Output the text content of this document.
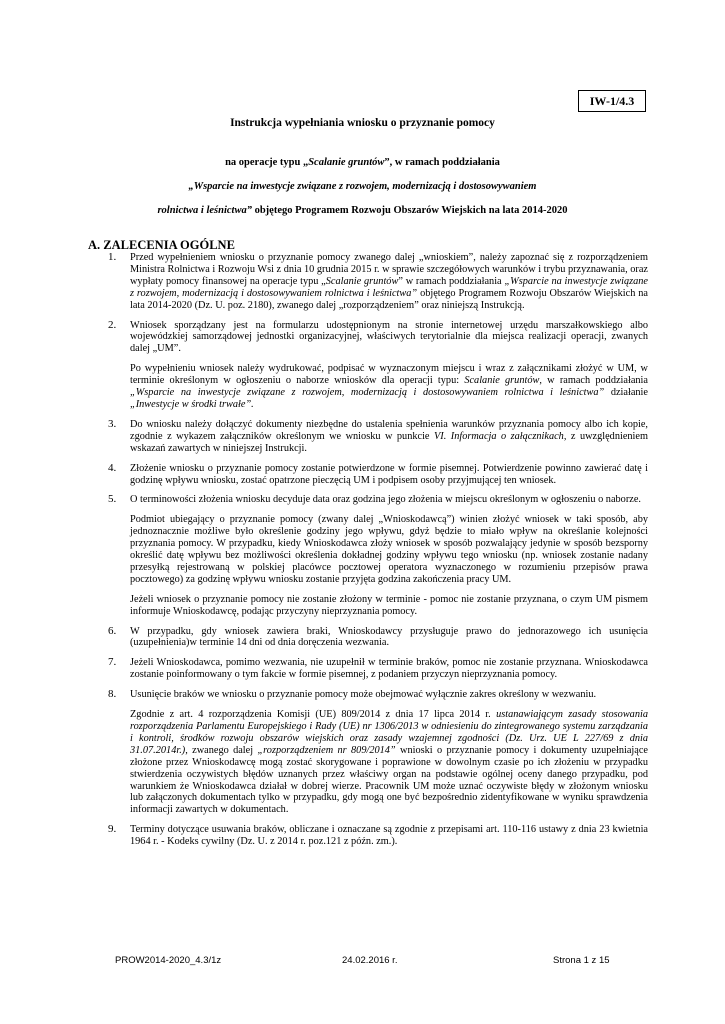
IW-1/4.3
Instrukcja wypełniania wniosku o przyznanie pomocy
na operacje typu „Scalanie gruntów”, w ramach poddziałania
„Wsparcie na inwestycje związane z rozwojem, modernizacją i dostosowywaniem
rolnictwa i leśnictwa” objętego Programem Rozwoju Obszarów Wiejskich na lata 2014-2020
A. ZALECENIA OGÓLNE
1.	Przed wypełnieniem wniosku o przyznanie pomocy zwanego dalej „wnioskiem”, należy zapoznać się z rozporządzeniem Ministra Rolnictwa i Rozwoju Wsi z dnia 10 grudnia 2015 r. w sprawie szczegółowych warunków i trybu przyznawania, oraz wypłaty pomocy finansowej na operacje typu „Scalanie gruntów” w ramach poddziałania „Wsparcie na inwestycje związane z rozwojem, modernizacją i dostosowywaniem rolnictwa i leśnictwa” objętego Programem Rozwoju Obszarów Wiejskich na lata 2014-2020 (Dz. U. poz. 2180), zwanego dalej „rozporządzeniem” oraz niniejszą Instrukcją.

2.	Wniosek sporządzany jest na formularzu udostępnionym na stronie internetowej urzędu marszałkowskiego albo wojewódzkiej samorządowej jednostki organizacyjnej, właściwych terytorialnie dla miejsca realizacji operacji, zwanych dalej „UM”.

Po wypełnieniu wniosek należy wydrukować, podpisać w wyznaczonym miejscu i wraz z załącznikami złożyć w UM, w terminie określonym w ogłoszeniu o naborze wniosków dla operacji typu: Scalanie gruntów, w ramach poddziałania „Wsparcie na inwestycje związane z rozwojem, modernizacją i dostosowywaniem rolnictwa i leśnictwa” działanie „Inwestycje w środki trwałe”.

3.	Do wniosku należy dołączyć dokumenty niezbędne do ustalenia spełnienia warunków przyznania pomocy albo ich kopie, zgodnie z wykazem załączników określonym we wniosku w punkcie VI. Informacja o załącznikach, z uwzględnieniem wskazań zawartych w niniejszej Instrukcji.

4.	Złożenie wniosku o przyznanie pomocy zostanie potwierdzone w formie pisemnej. Potwierdzenie powinno zawierać datę i godzinę wpływu wniosku, zostać opatrzone pieczęcią UM i podpisem osoby przyjmującej ten wniosek.

5.	O terminowości złożenia wniosku decyduje data oraz godzina jego złożenia w miejscu określonym w ogłoszeniu o naborze.

Podmiot ubiegający o przyznanie pomocy (zwany dalej „Wnioskodawcą”) winien złożyć wniosek w taki sposób, aby jednoznacznie możliwe było określenie godziny jego wpływu, gdyż będzie to miało wpływ na określanie kolejności przyznania pomocy. W przypadku, kiedy Wnioskodawca złoży wniosek w sposób pozwalający jedynie w sposób bezsporny określić datę wpływu bez możliwości określenia dokładnej godziny wpływu tego wniosku (np. wniosek zostanie nadany przesyłką rejestrowaną w polskiej placówce pocztowej operatora wyznaczonego w rozumieniu przepisów prawa pocztowego) za godzinę wpływu wniosku zostanie przyjęta godzina zakończenia pracy UM.

Jeżeli wniosek o przyznanie pomocy nie zostanie złożony w terminie - pomoc nie zostanie przyznana, o czym UM pismem informuje Wnioskodawcę, podając przyczyny nieprzyznania pomocy.

6.	W przypadku, gdy wniosek zawiera braki, Wnioskodawcy przysługuje prawo do jednorazowego ich usunięcia (uzupełnienia)w terminie 14 dni od dnia doręczenia wezwania.

7.	Jeżeli Wnioskodawca, pomimo wezwania, nie uzupełnił w terminie braków, pomoc nie zostanie przyznana. Wnioskodawca zostanie poinformowany o tym fakcie w formie pisemnej, z podaniem przyczyn nieprzyznania pomocy.

8.	Usunięcie braków we wniosku o przyznanie pomocy może obejmować wyłącznie zakres określony w wezwaniu.

Zgodnie z art. 4 rozporządzenia Komisji (UE) 809/2014 z dnia 17 lipca 2014 r. ustanawiającym zasady stosowania rozporządzenia Parlamentu Europejskiego i Rady (UE) nr 1306/2013 w odniesieniu do zintegrowanego systemu zarządzania i kontroli, środków rozwoju obszarów wiejskich oraz zasady wzajemnej zgodności (Dz. Urz. UE L 227/69 z dnia 31.07.2014r.), zwanego dalej „rozporządzeniem nr 809/2014” wnioski o przyznanie pomocy i dokumenty uzupełniające złożone przez Wnioskodawcę mogą zostać skorygowane i poprawione w dowolnym czasie po ich złożeniu w przypadku stwierdzenia oczywistych błędów uznanych przez właściwy organ na podstawie ogólnej oceny danego przypadku, pod warunkiem że Wnioskodawca działał w dobrej wierze. Pracownik UM może uznać oczywiste błędy w złożonym wniosku lub załączonych dokumentach tylko w przypadku, gdy mogą one być bezpośrednio zidentyfikowane w wyniku sprawdzenia informacji zawartych w dokumentach.

9.	Terminy dotyczące usuwania braków, obliczane i oznaczane są zgodnie z przepisami art. 110-116 ustawy z dnia 23 kwietnia 1964 r. - Kodeks cywilny (Dz. U. z 2014 r. poz.121 z późn. zm.).

PROW2014-2020_4.3/1z	24.02.2016 r.	Strona 1 z 15
